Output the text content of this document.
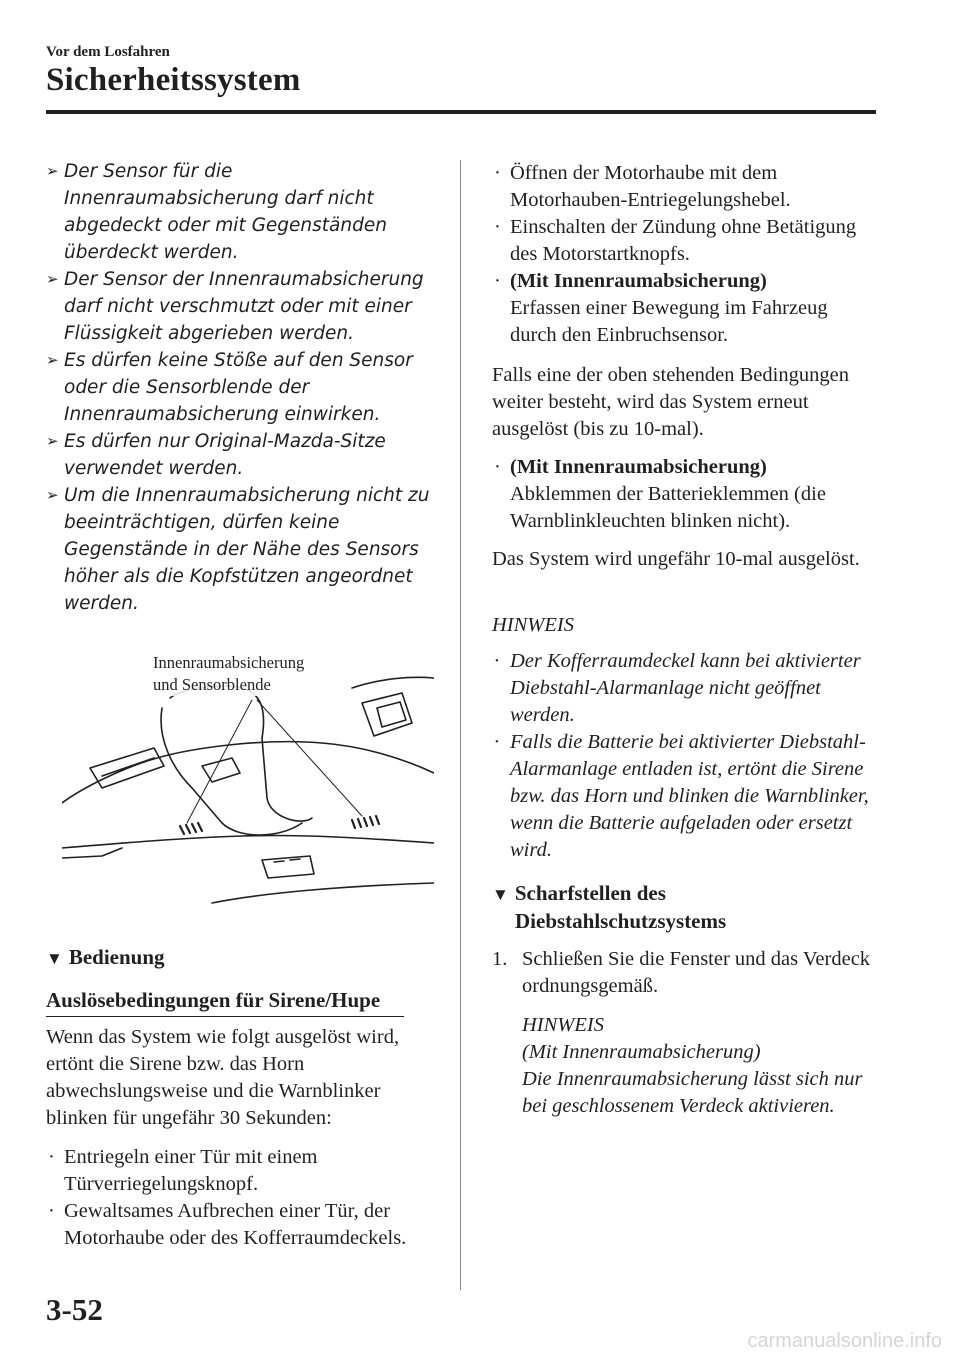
Vor dem Losfahren
Sicherheitssystem
➢ Der Sensor für die Innenraumabsicherung darf nicht abgedeckt oder mit Gegenständen überdeckt werden.
➢ Der Sensor der Innenraumabsicherung darf nicht verschmutzt oder mit einer Flüssigkeit abgerieben werden.
➢ Es dürfen keine Stöße auf den Sensor oder die Sensorblende der Innenraumabsicherung einwirken.
➢ Es dürfen nur Original-Mazda-Sitze verwendet werden.
➢ Um die Innenraumabsicherung nicht zu beeinträchtigen, dürfen keine Gegenstände in der Nähe des Sensors höher als die Kopfstützen angeordnet werden.
Innenraumabsicherung
und Sensorblende
▼ Bedienung
Auslösebedingungen für Sirene/Hupe
Wenn das System wie folgt ausgelöst wird, ertönt die Sirene bzw. das Horn abwechslungsweise und die Warnblinker blinken für ungefähr 30 Sekunden:
· Entriegeln einer Tür mit einem Türverriegelungsknopf.
· Gewaltsames Aufbrechen einer Tür, der Motorhaube oder des Kofferraumdeckels.
· Öffnen der Motorhaube mit dem Motorhauben-Entriegelungshebel.
· Einschalten der Zündung ohne Betätigung des Motorstartknopfs.
· (Mit Innenraumabsicherung)
Erfassen einer Bewegung im Fahrzeug durch den Einbruchsensor.
Falls eine der oben stehenden Bedingungen weiter besteht, wird das System erneut ausgelöst (bis zu 10-mal).
· (Mit Innenraumabsicherung)
Abklemmen der Batterieklemmen (die Warnblinkleuchten blinken nicht).
Das System wird ungefähr 10-mal ausgelöst.
HINWEIS
· Der Kofferraumdeckel kann bei aktivierter Diebstahl-Alarmanlage nicht geöffnet werden.
· Falls die Batterie bei aktivierter Diebstahl-Alarmanlage entladen ist, ertönt die Sirene bzw. das Horn und blinken die Warnblinker, wenn die Batterie aufgeladen oder ersetzt wird.
▼ Scharfstellen des
Diebstahlschutzsystems
1. Schließen Sie die Fenster und das Verdeck ordnungsgemäß.
HINWEIS
(Mit Innenraumabsicherung)
Die Innenraumabsicherung lässt sich nur bei geschlossenem Verdeck aktivieren.
3-52
carmanualsonline.info
